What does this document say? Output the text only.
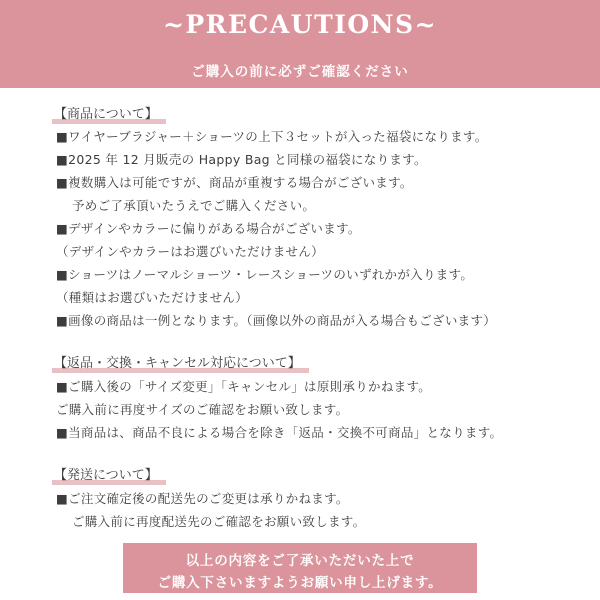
~PRECAUTIONS~
ご購入の前に必ずご確認ください
【商品について】
■ワイヤーブラジャー＋ショーツの上下３セットが入った福袋になります。
■2025 年 12 月販売の Happy Bag と同様の福袋になります。
■複数購入は可能ですが、商品が重複する場合がございます。
予めご了承頂いたうえでご購入ください。
■デザインやカラーに偏りがある場合がございます。
（デザインやカラーはお選びいただけません）
■ショーツはノーマルショーツ・レースショーツのいずれかが入ります。
（種類はお選びいただけません）
■画像の商品は一例となります。（画像以外の商品が入る場合もございます）
【返品・交換・キャンセル対応について】
■ご購入後の「サイズ変更」「キャンセル」は原則承りかねます。
ご購入前に再度サイズのご確認をお願い致します。
■当商品は、商品不良による場合を除き「返品・交換不可商品」となります。
【発送について】
■ご注文確定後の配送先のご変更は承りかねます。
ご購入前に再度配送先のご確認をお願い致します。
以上の内容をご了承いただいた上で
ご購入下さいますようお願い申し上げます。
